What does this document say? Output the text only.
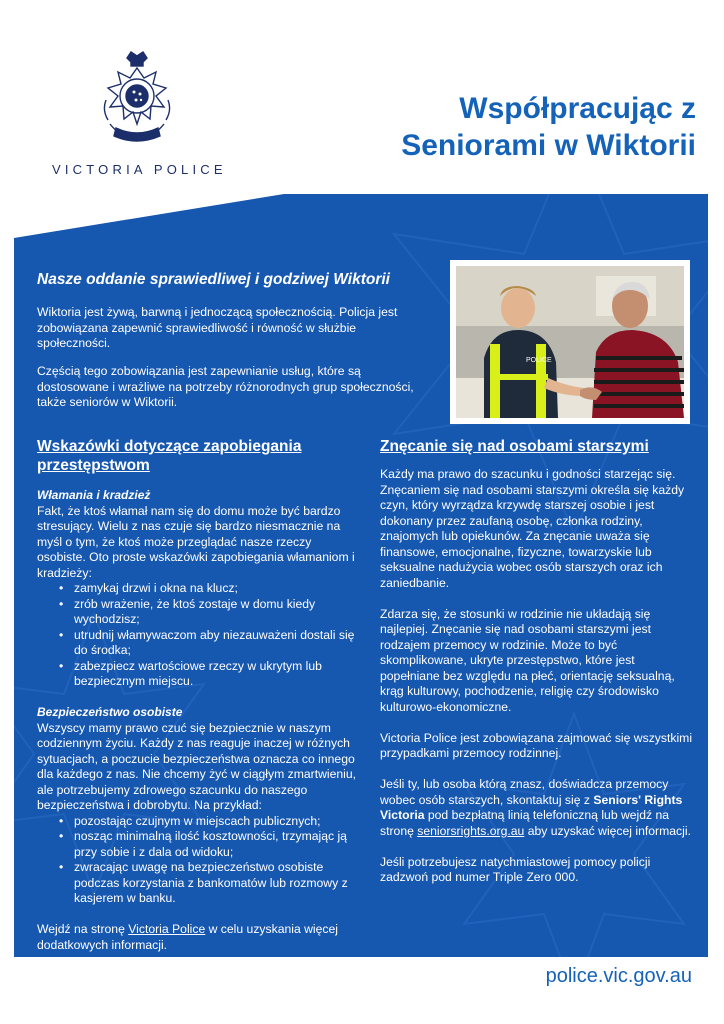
VICTORIA POLICE
Współpracując z
Seniorami w Wiktorii
Nasze oddanie sprawiedliwej i godziwej Wiktorii
Wiktoria jest żywą, barwną i jednoczącą społecznością. Policja jest zobowiązana zapewnić sprawiedliwość i równość w służbie społeczności.
Częścią tego zobowiązania jest zapewnianie usług, które są dostosowane i wrażliwe na potrzeby różnorodnych grup społeczności, także seniorów w Wiktorii.
POLICE
Wskazówki dotyczące zapobiegania przestępstwom
Włamania i kradzież
Fakt, że ktoś włamał nam się do domu może być bardzo stresujący. Wielu z nas czuje się bardzo niesmacznie na myśl o tym, że ktoś może przeglądać nasze rzeczy osobiste. Oto proste wskazówki zapobiegania włamaniom i kradzieży:
• zamykaj drzwi i okna na klucz;
• zrób wrażenie, że ktoś zostaje w domu kiedy wychodzisz;
• utrudnij włamywaczom aby niezauważeni dostali się do środka;
• zabezpiecz wartościowe rzeczy w ukrytym lub bezpiecznym miejscu.
Bezpieczeństwo osobiste
Wszyscy mamy prawo czuć się bezpiecznie w naszym codziennym życiu. Każdy z nas reaguje inaczej w różnych sytuacjach, a poczucie bezpieczeństwa oznacza co innego dla każdego z nas. Nie chcemy żyć w ciągłym zmartwieniu, ale potrzebujemy zdrowego szacunku do naszego bezpieczeństwa i dobrobytu. Na przykład:
• pozostając czujnym w miejscach publicznych;
• nosząc minimalną ilość kosztowności, trzymając ją przy sobie i z dala od widoku;
• zwracając uwagę na bezpieczeństwo osobiste podczas korzystania z bankomatów lub rozmowy z kasjerem w banku.
Wejdź na stronę Victoria Police w celu uzyskania więcej dodatkowych informacji.
Znęcanie się nad osobami starszymi
Każdy ma prawo do szacunku i godności starzejąc się. Znęcaniem się nad osobami starszymi określa się każdy czyn, który wyrządza krzywdę starszej osobie i jest dokonany przez zaufaną osobę, członka rodziny, znajomych lub opiekunów. Za znęcanie uważa się finansowe, emocjonalne, fizyczne, towarzyskie lub seksualne nadużycia wobec osób starszych oraz ich zaniedbanie.
Zdarza się, że stosunki w rodzinie nie układają się najlepiej. Znęcanie się nad osobami starszymi jest rodzajem przemocy w rodzinie. Może to być skomplikowane, ukryte przestępstwo, które jest popełniane bez względu na płeć, orientację seksualną, krąg kulturowy, pochodzenie, religię czy środowisko kulturowo-ekonomiczne.
Victoria Police jest zobowiązana zajmować się wszystkimi przypadkami przemocy rodzinnej.
Jeśli ty, lub osoba którą znasz, doświadcza przemocy wobec osób starszych, skontaktuj się z Seniors' Rights Victoria pod bezpłatną linią telefoniczną lub wejdź na stronę seniorsrights.org.au aby uzyskać więcej informacji.
Jeśli potrzebujesz natychmiastowej pomocy policji zadzwoń pod numer Triple Zero 000.
police.vic.gov.au
